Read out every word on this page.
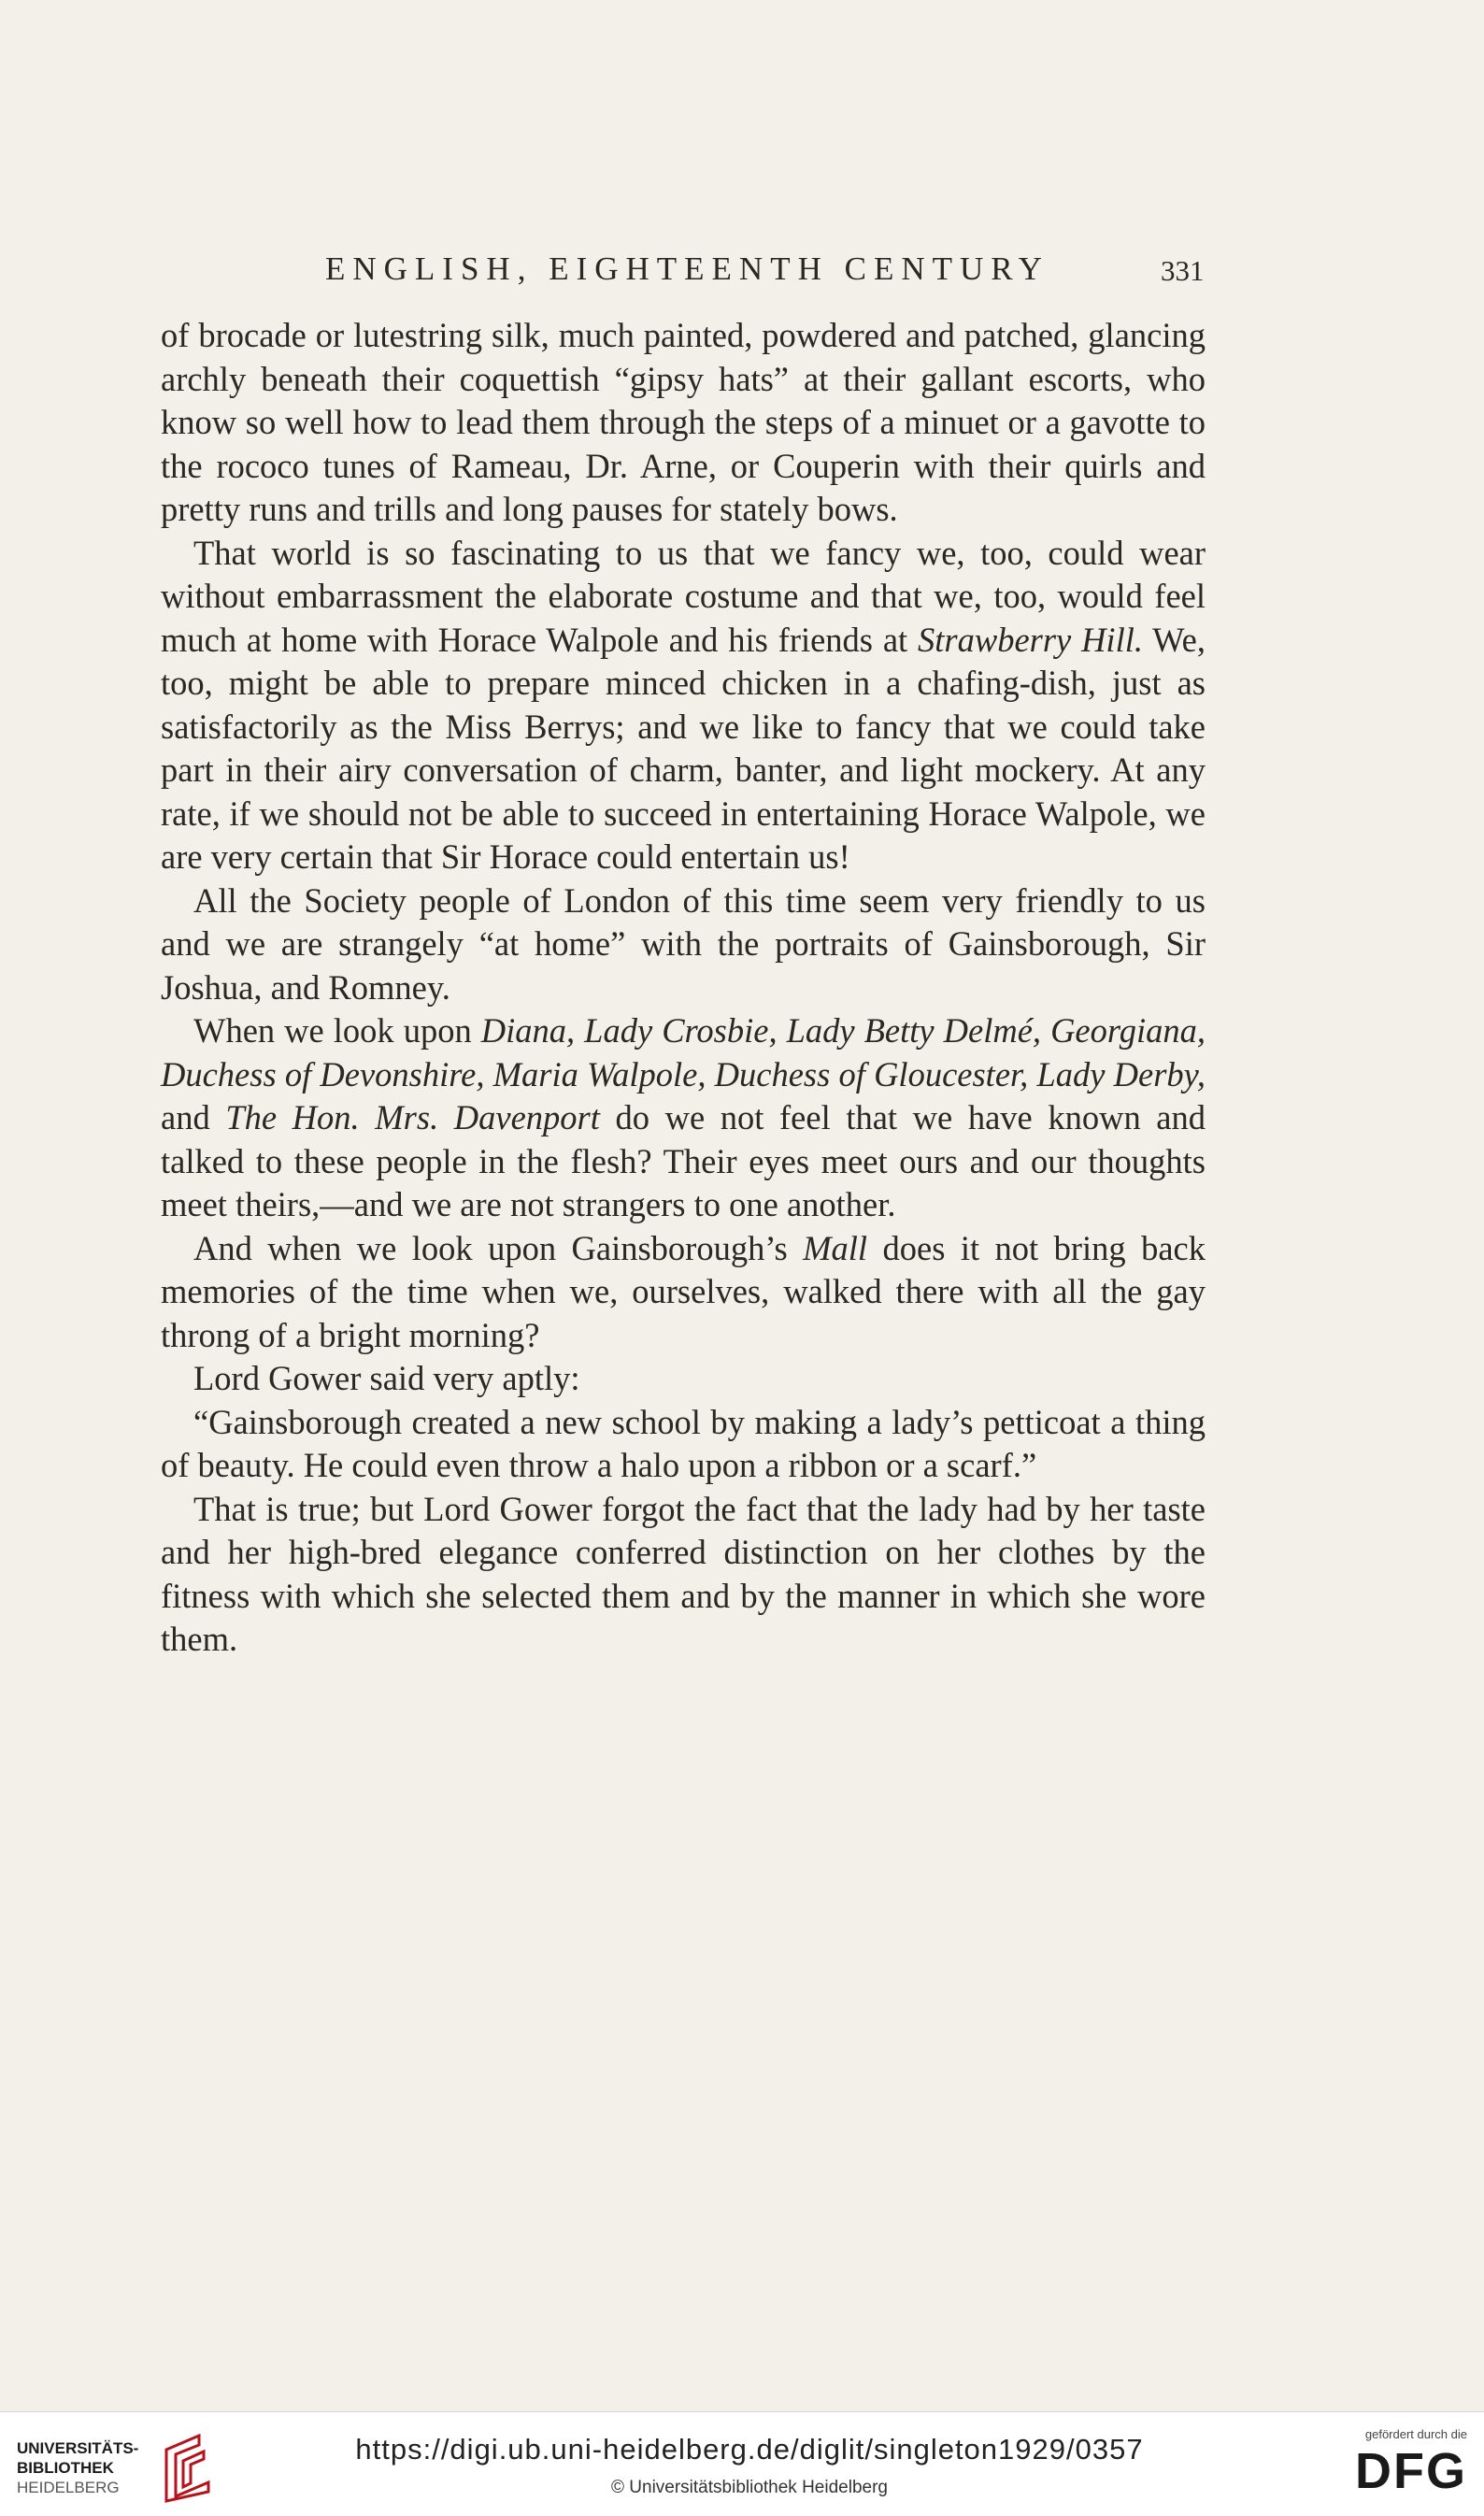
ENGLISH, EIGHTEENTH CENTURY	331

of brocade or lutestring silk, much painted, powdered and patched, glancing archly beneath their coquettish “gipsy hats” at their gallant escorts, who know so well how to lead them through the steps of a minuet or a gavotte to the rococo tunes of Rameau, Dr. Arne, or Couperin with their quirls and pretty runs and trills and long pauses for stately bows.

That world is so fascinating to us that we fancy we, too, could wear without embarrassment the elaborate costume and that we, too, would feel much at home with Horace Walpole and his friends at Strawberry Hill. We, too, might be able to prepare minced chicken in a chafing-dish, just as satisfactorily as the Miss Berrys; and we like to fancy that we could take part in their airy conversation of charm, banter, and light mockery. At any rate, if we should not be able to succeed in entertaining Horace Walpole, we are very certain that Sir Horace could entertain us!

All the Society people of London of this time seem very friendly to us and we are strangely “at home” with the portraits of Gainsborough, Sir Joshua, and Romney.

When we look upon Diana, Lady Crosbie, Lady Betty Delmé, Georgiana, Duchess of Devonshire, Maria Walpole, Duchess of Gloucester, Lady Derby, and The Hon. Mrs. Davenport do we not feel that we have known and talked to these people in the flesh? Their eyes meet ours and our thoughts meet theirs,—and we are not strangers to one another.

And when we look upon Gainsborough’s Mall does it not bring back memories of the time when we, ourselves, walked there with all the gay throng of a bright morning?

Lord Gower said very aptly:

“Gainsborough created a new school by making a lady’s petticoat a thing of beauty. He could even throw a halo upon a ribbon or a scarf.”

That is true; but Lord Gower forgot the fact that the lady had by her taste and her high-bred elegance conferred distinction on her clothes by the fitness with which she selected them and by the manner in which she wore them.

UNIVERSITÄTS-
BIBLIOTHEK
HEIDELBERG
https://digi.ub.uni-heidelberg.de/diglit/singleton1929/0357
© Universitätsbibliothek Heidelberg
gefördert durch die
DFG
